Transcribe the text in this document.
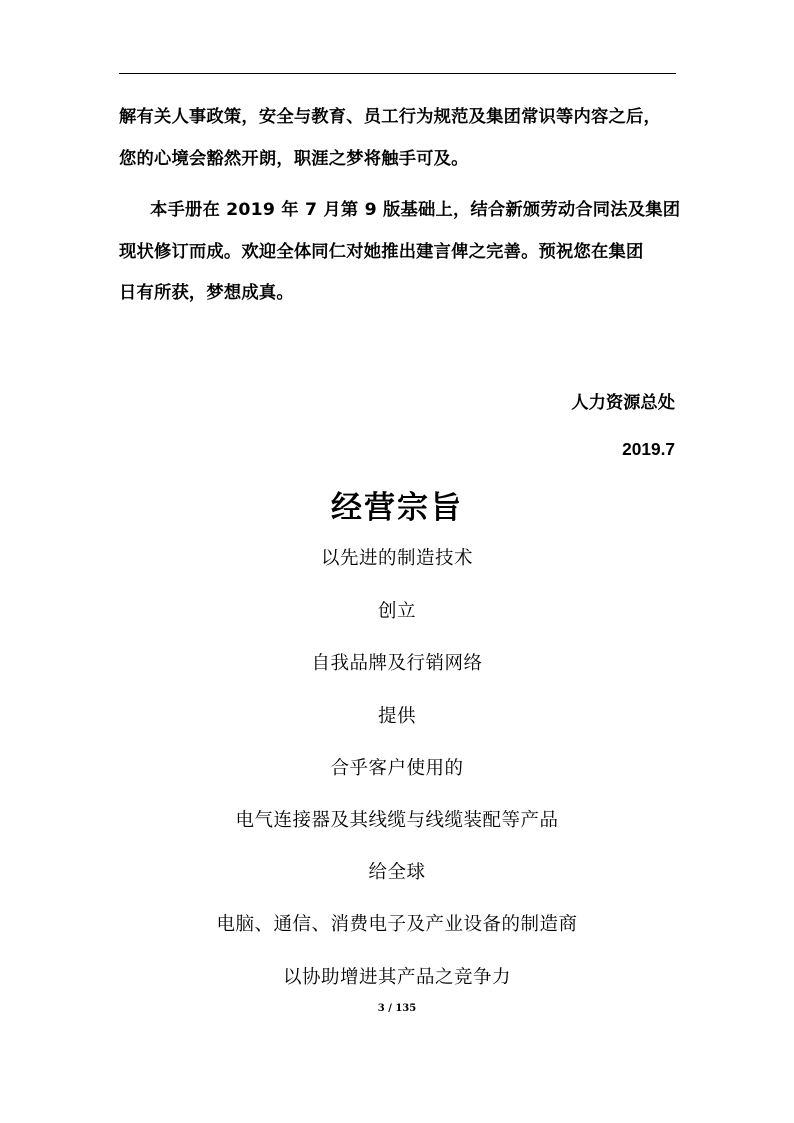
解有关人事政策，安全与教育、员工行为规范及集团常识等内容之后，
您的心境会豁然开朗，职涯之梦将触手可及。
本手册在 2019 年 7 月第 9 版基础上，结合新颁劳动合同法及集团
现状修订而成。欢迎全体同仁对她推出建言俾之完善。预祝您在集团
日有所获，梦想成真。
人力资源总处
2019.7
经营宗旨
以先进的制造技术
创立
自我品牌及行销网络
提供
合乎客户使用的
电气连接器及其线缆与线缆装配等产品
给全球
电脑、通信、消费电子及产业设备的制造商
以协助增进其产品之竞争力
3 / 135
